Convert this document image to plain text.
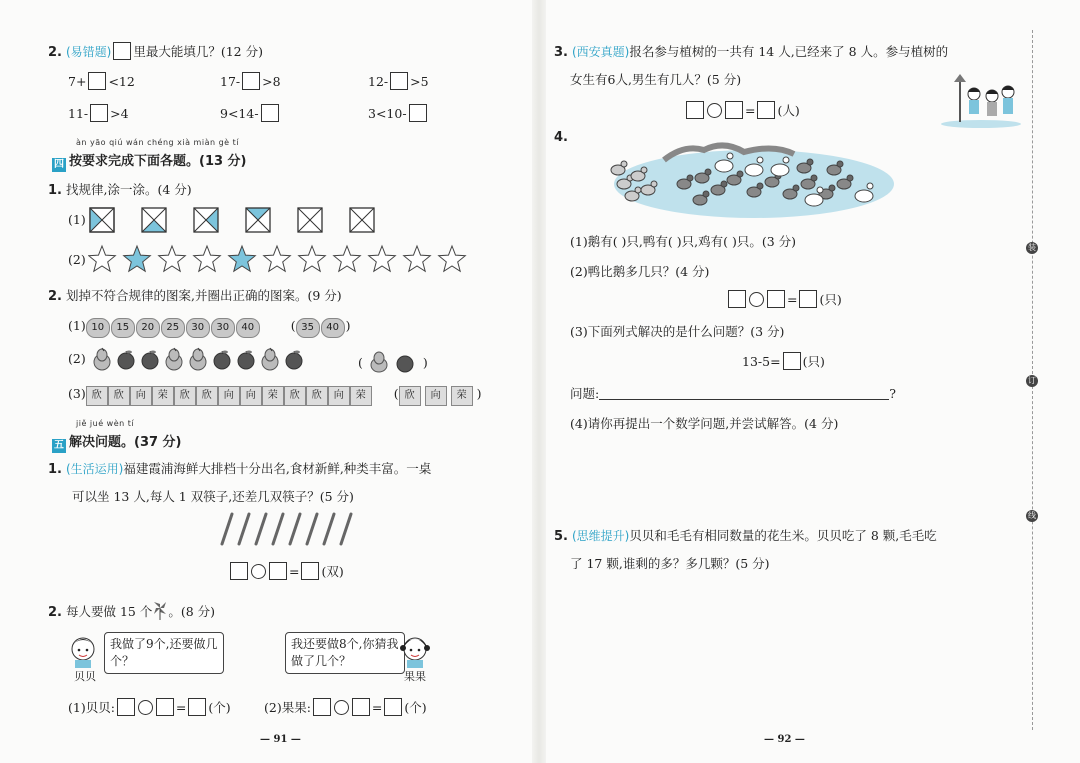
2. (易错题) 里最大能填几？(12 分)
7+ <12	17- >8	12- >5
11- >4	9<14-	3<10-
àn yāo qiú wán chéng xià miàn gè tí
四 按要求完成下面各题。(13 分)
1. 找规律,涂一涂。(4 分)
(1)
(2)
2. 划掉不符合规律的图案,并圈出正确的图案。(9 分)
(1) 10 15 20 25 30 30 40	( 35 40 )
(2)	(	)
(3) 欣 欣 向 荣 欣 欣 向 向 荣 欣 欣 向 荣 ( 欣 向 荣 )
jiě jué wèn tí
五 解决问题。(37 分)
1. (生活运用)福建霞浦海鲜大排档十分出名,食材新鲜,种类丰富。一桌
可以坐 13 人,每人 1 双筷子,还差几双筷子？(5 分)
= (双)
2. 每人要做 15 个 。(8 分)
贝贝
我做了9个,还要做几个？
我还要做8个,你猜我做了几个？
果果
(1)贝贝:	= (个)	(2)果果:	= (个)
— 91 —
3. (西安真题)报名参与植树的一共有 14 人,已经来了 8 人。参与植树的
女生有6人,男生有几人？(5 分)
= (人)
4.
(1)鹅有( )只,鸭有( )只,鸡有( )只。(3 分)
(2)鸭比鹅多几只？(4 分)
= (只)
(3)下面列式解决的是什么问题？(3 分)
13-5= (只)
问题:	?
(4)请你再提出一个数学问题,并尝试解答。(4 分)
5. (思维提升)贝贝和毛毛有相同数量的花生米。贝贝吃了 8 颗,毛毛吃
了 17 颗,谁剩的多？多几颗？(5 分)
— 92 —
装
订
线
